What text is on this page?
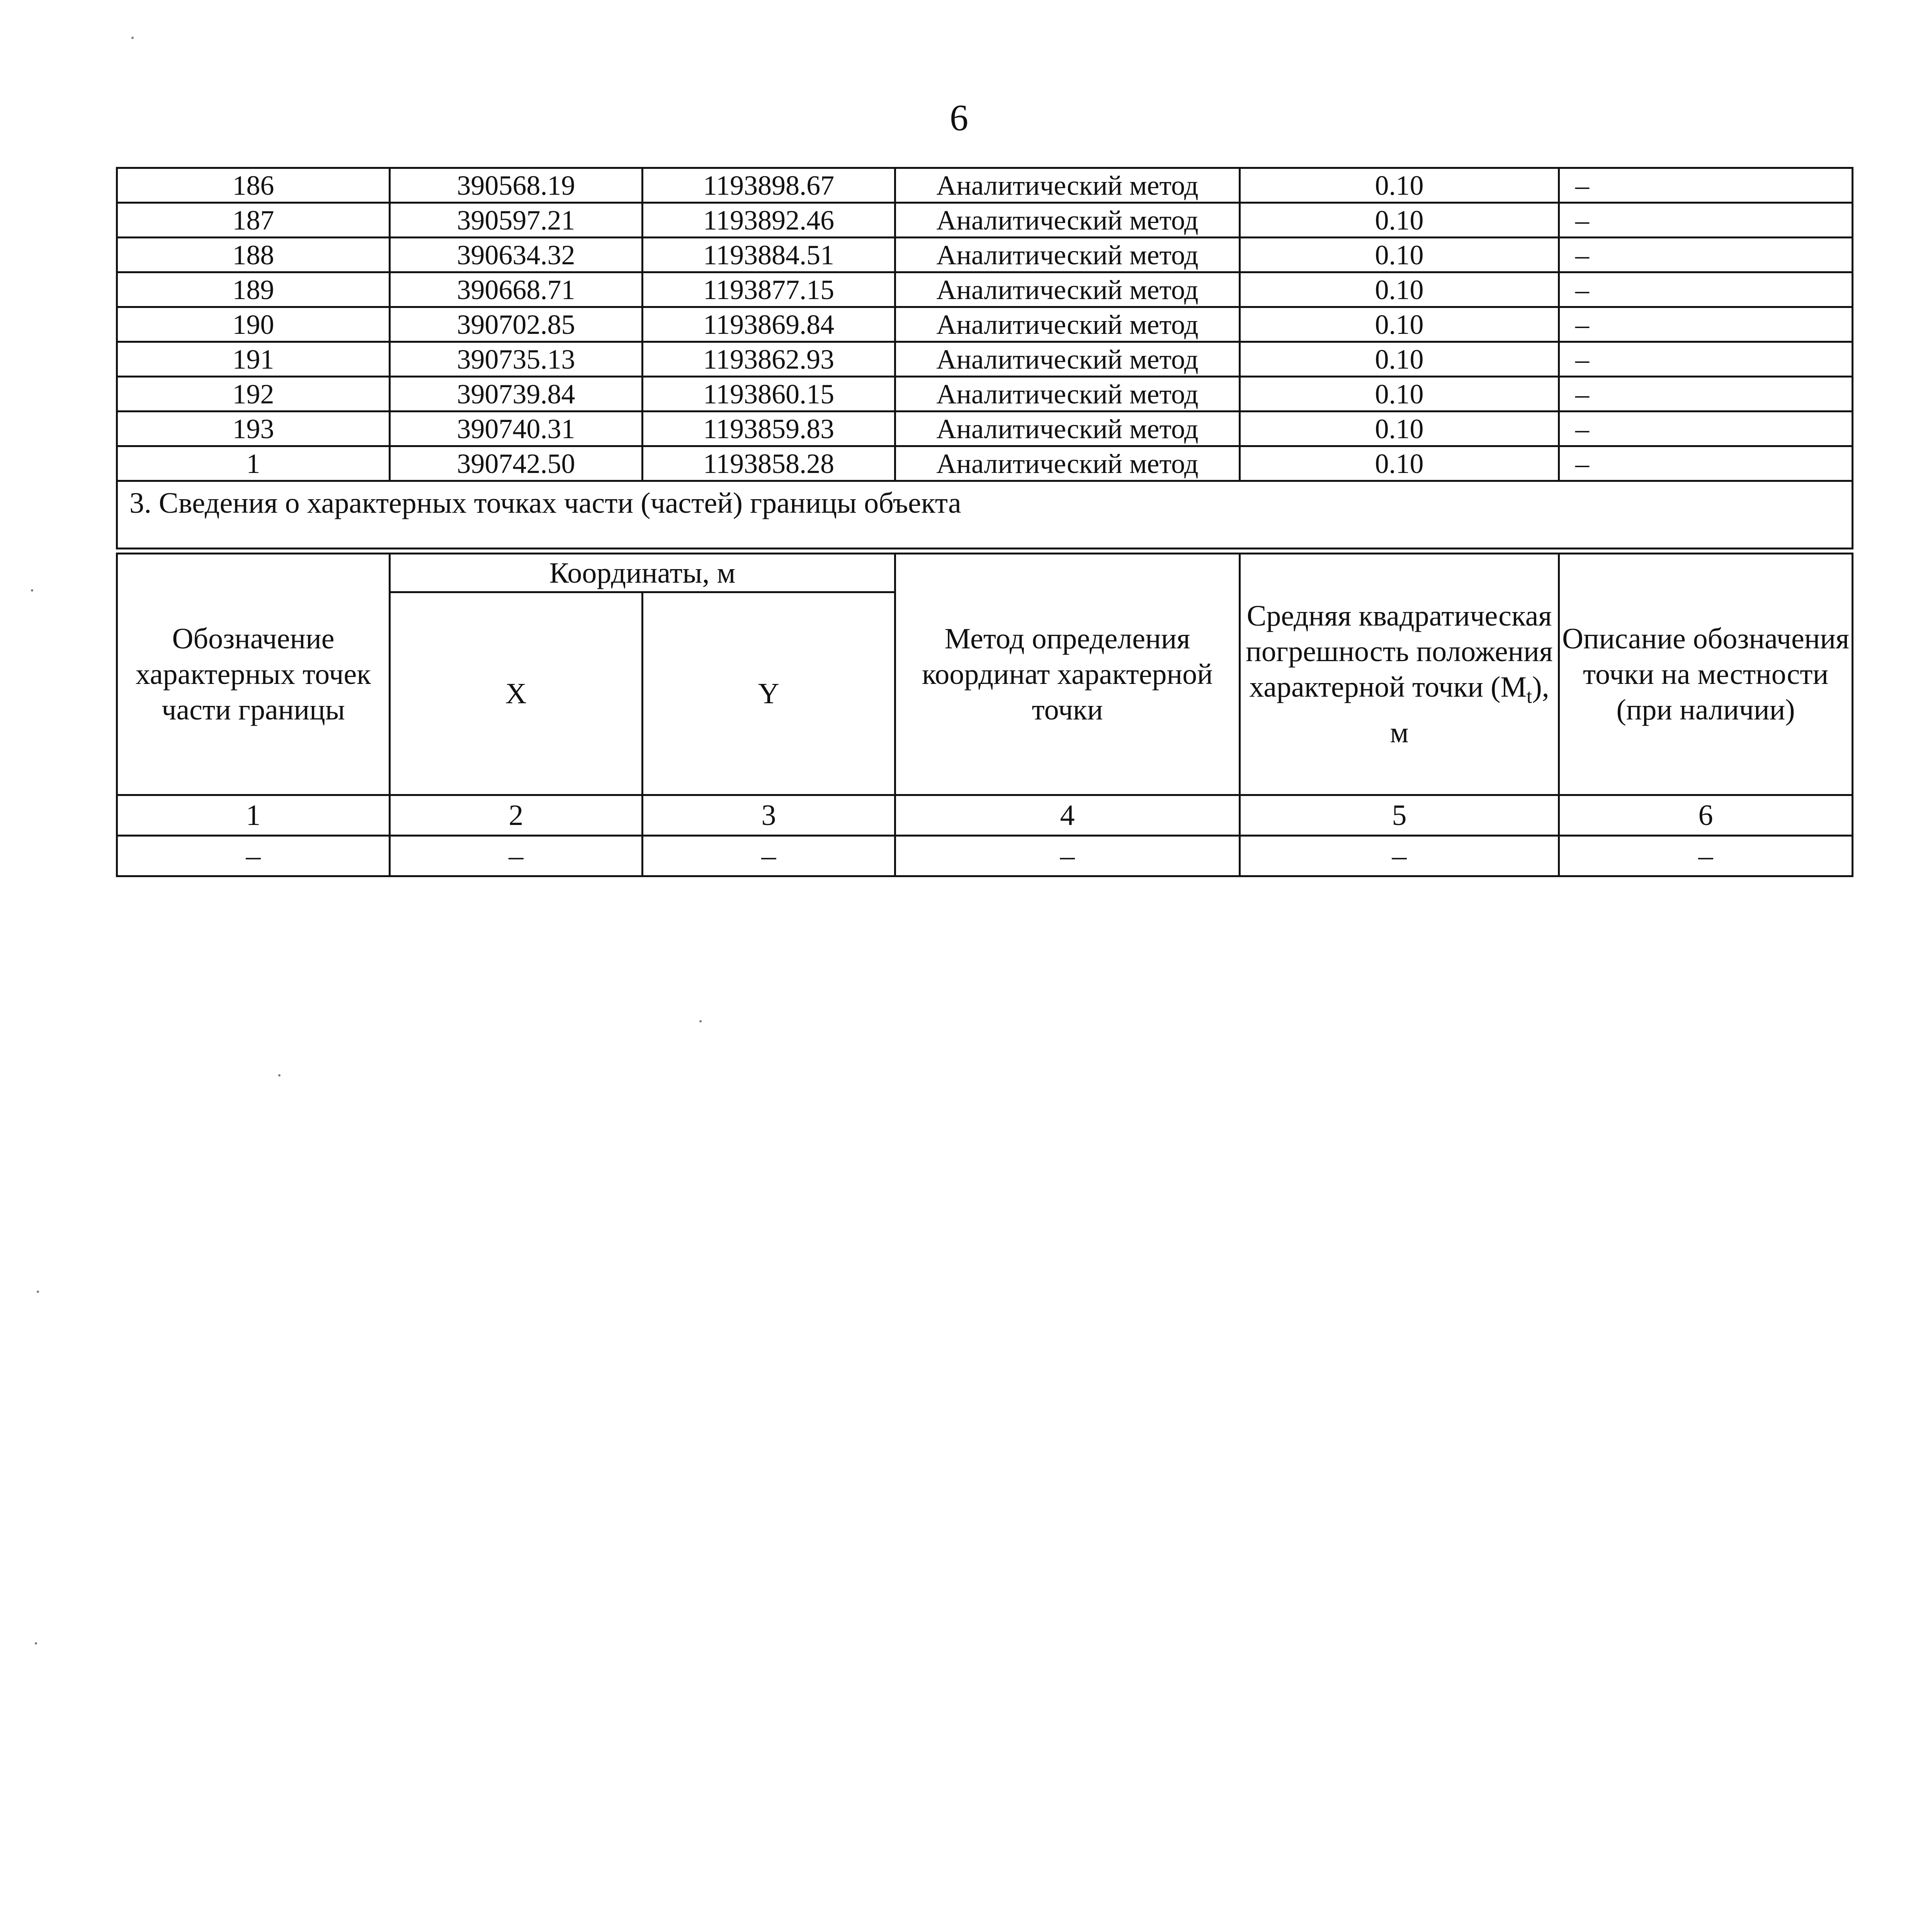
6
186	390568.19	1193898.67	Аналитический метод	0.10	–
187	390597.21	1193892.46	Аналитический метод	0.10	–
188	390634.32	1193884.51	Аналитический метод	0.10	–
189	390668.71	1193877.15	Аналитический метод	0.10	–
190	390702.85	1193869.84	Аналитический метод	0.10	–
191	390735.13	1193862.93	Аналитический метод	0.10	–
192	390739.84	1193860.15	Аналитический метод	0.10	–
193	390740.31	1193859.83	Аналитический метод	0.10	–
1	390742.50	1193858.28	Аналитический метод	0.10	–
3. Сведения о характерных точках части (частей) границы объекта					
Обозначение характерных точек части границы	Координаты, м		Метод определения координат характерной точки	Средняя квадратическая погрешность положения характерной точки $(M_t)$, м	Описание обозначения точки на местности (при наличии)
	X	Y			
1	2	3	4	5	6
–	–	–	–	–	–
